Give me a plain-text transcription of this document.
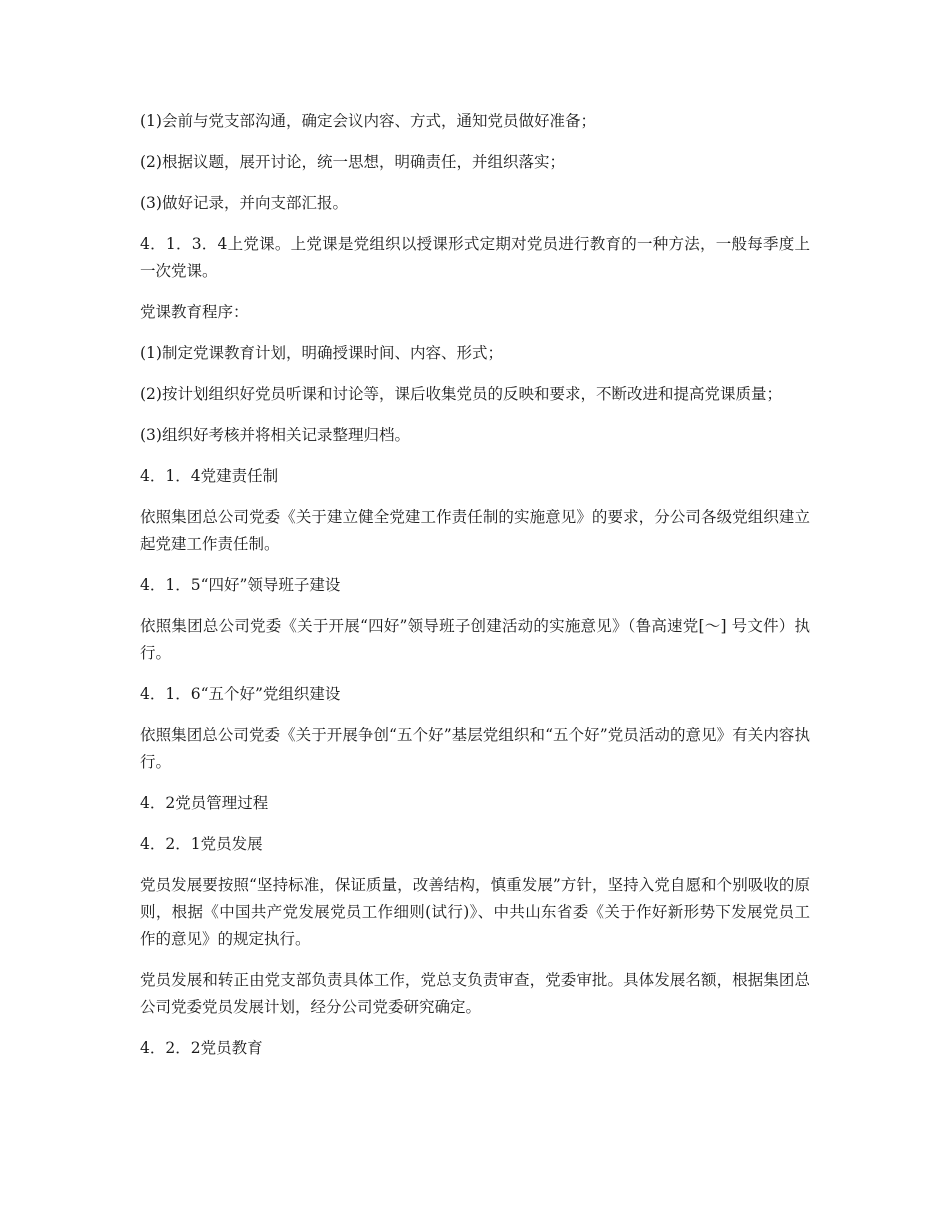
(1)会前与党支部沟通，确定会议内容、方式，通知党员做好准备；

(2)根据议题，展开讨论，统一思想，明确责任，并组织落实；

(3)做好记录，并向支部汇报。

4．1．3．4上党课。上党课是党组织以授课形式定期对党员进行教育的一种方法，一般每季度上一次党课。

党课教育程序：

(1)制定党课教育计划，明确授课时间、内容、形式；

(2)按计划组织好党员听课和讨论等，课后收集党员的反映和要求，不断改进和提高党课质量；

(3)组织好考核并将相关记录整理归档。

4．1．4党建责任制

依照集团总公司党委《关于建立健全党建工作责任制的实施意见》的要求，分公司各级党组织建立起党建工作责任制。

4．1．5“四好”领导班子建设

依照集团总公司党委《关于开展“四好”领导班子创建活动的实施意见》（鲁高速党[～] 号文件）执行。

4．1．6“五个好”党组织建设

依照集团总公司党委《关于开展争创“五个好”基层党组织和“五个好”党员活动的意见》有关内容执行。

4．2党员管理过程

4．2．1党员发展

党员发展要按照“坚持标准，保证质量，改善结构，慎重发展”方针，坚持入党自愿和个别吸收的原则，根据《中国共产党发展党员工作细则(试行)》、中共山东省委《关于作好新形势下发展党员工作的意见》的规定执行。

党员发展和转正由党支部负责具体工作，党总支负责审查，党委审批。具体发展名额，根据集团总公司党委党员发展计划，经分公司党委研究确定。

4．2．2党员教育
